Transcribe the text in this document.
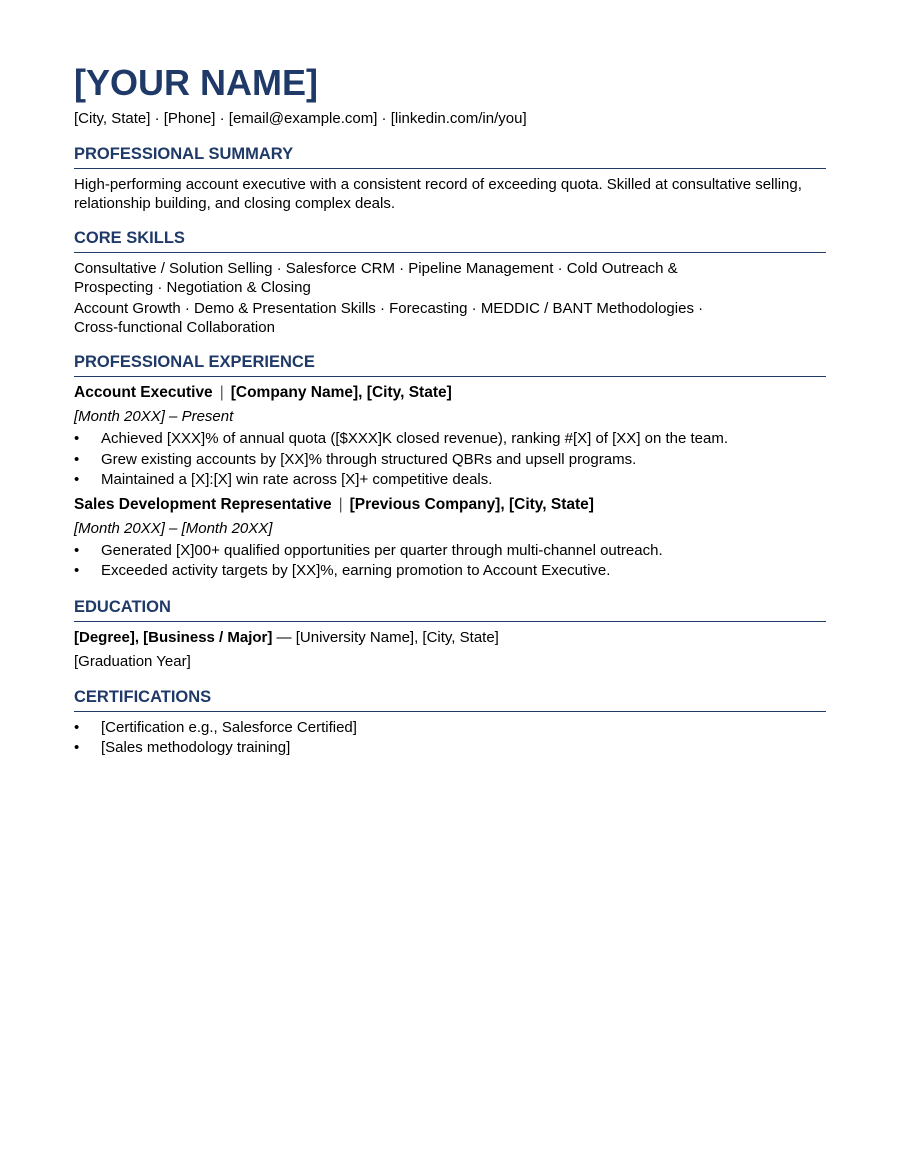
[YOUR NAME]
[City, State] · [Phone] · [email@example.com] · [linkedin.com/in/you]
PROFESSIONAL SUMMARY

High-performing account executive with a consistent record of exceeding quota. Skilled at consultative selling, relationship building, and closing complex deals.

CORE SKILLS
Consultative / Solution Selling · Salesforce CRM · Pipeline Management · Cold Outreach & Prospecting · Negotiation & Closing
Account Growth · Demo & Presentation Skills · Forecasting · MEDDIC / BANT Methodologies · Cross-functional Collaboration
PROFESSIONAL EXPERIENCE
Account Executive | [Company Name], [City, State]
[Month 20XX] – Present
• Achieved [XXX]% of annual quota ([$XXX]K closed revenue), ranking #[X] of [XX] on the team.
• Grew existing accounts by [XX]% through structured QBRs and upsell programs.
• Maintained a [X]:[X] win rate across [X]+ competitive deals.
Sales Development Representative | [Previous Company], [City, State]
[Month 20XX] – [Month 20XX]
• Generated [X]00+ qualified opportunities per quarter through multi-channel outreach.
• Exceeded activity targets by [XX]%, earning promotion to Account Executive.
EDUCATION
[Degree], [Business / Major] — [University Name], [City, State]
[Graduation Year]
CERTIFICATIONS
• [Certification e.g., Salesforce Certified]
• [Sales methodology training]
